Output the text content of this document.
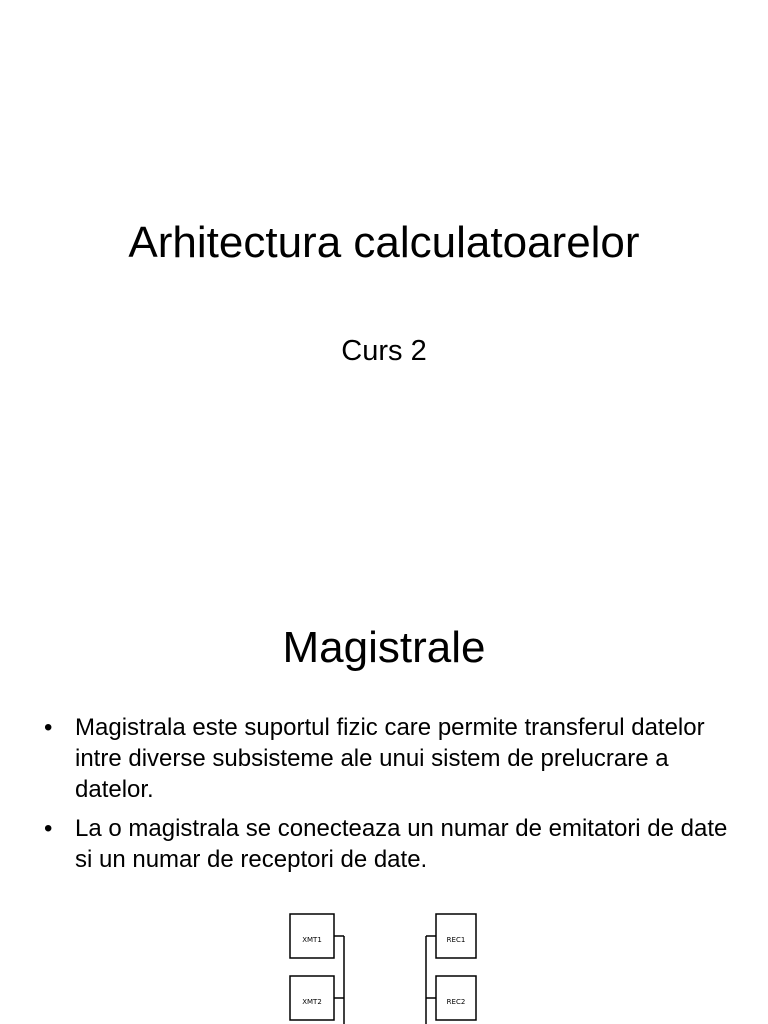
Arhitectura calculatoarelor
Curs 2
Magistrale
• Magistrala este suportul fizic care permite transferul datelor intre diverse subsisteme ale unui sistem de prelucrare a datelor.
• La o magistrala se conecteaza un numar de emitatori de date si un numar de receptori de date.
XMT1
XMT2
REC1
REC2
